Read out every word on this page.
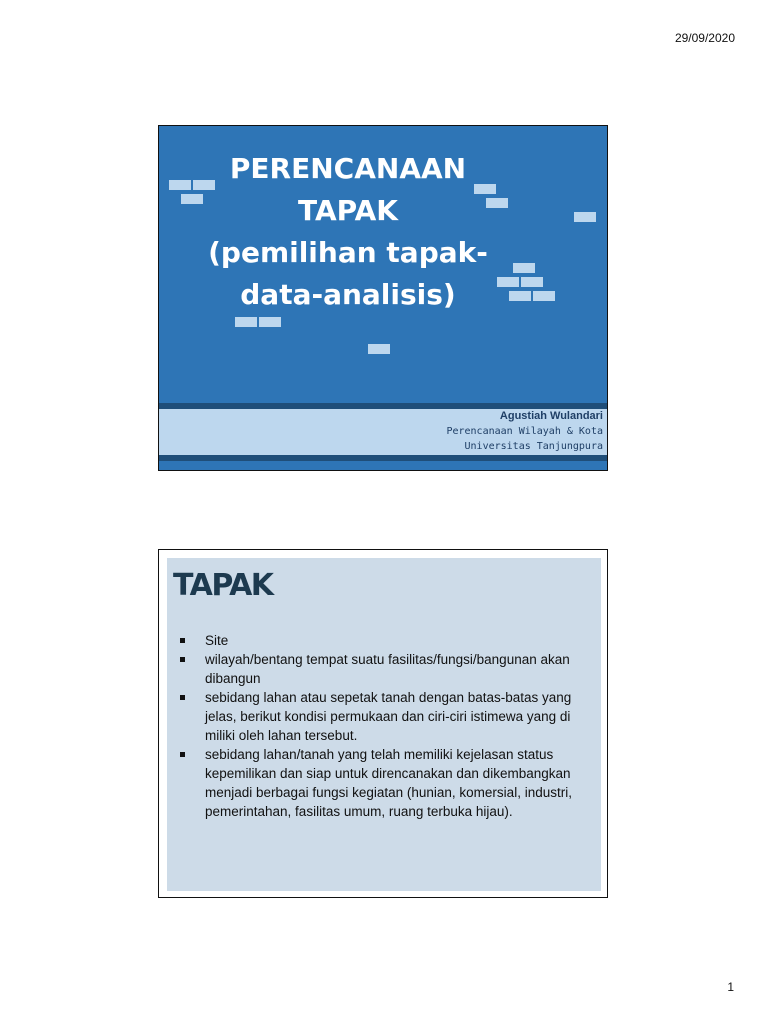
29/09/2020
PERENCANAAN
TAPAK
(pemilihan tapak-
data-analisis)
Agustiah Wulandari
Perencanaan Wilayah & Kota
Universitas Tanjungpura
TAPAK
Site
wilayah/bentang tempat suatu fasilitas/fungsi/bangunan akan dibangun
sebidang lahan atau sepetak tanah dengan batas-batas yang jelas, berikut kondisi permukaan dan ciri-ciri istimewa yang di miliki oleh lahan tersebut.
sebidang lahan/tanah yang telah memiliki kejelasan status kepemilikan dan siap untuk direncanakan dan dikembangkan menjadi berbagai fungsi kegiatan (hunian, komersial, industri, pemerintahan, fasilitas umum, ruang terbuka hijau).
1
